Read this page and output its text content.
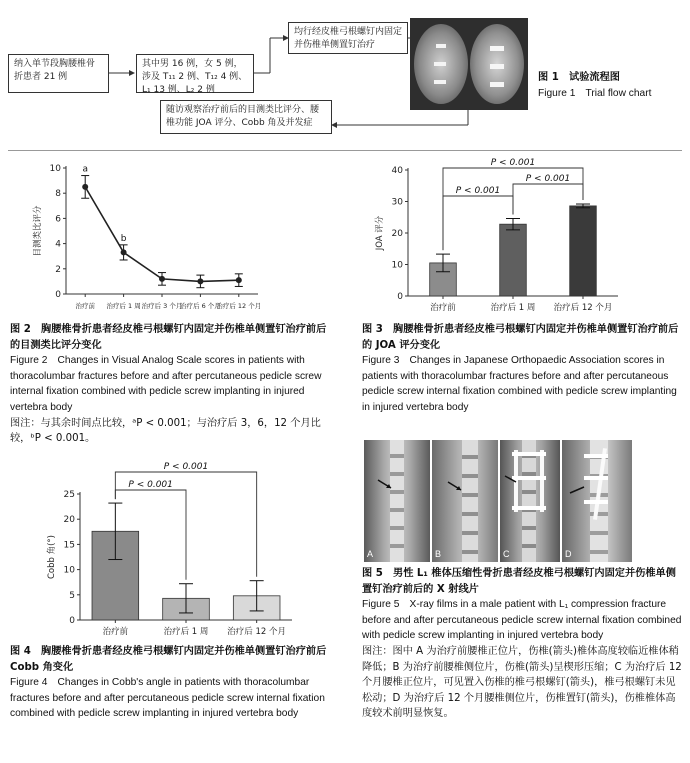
纳入单节段胸腰椎骨折患者 21 例
其中男 16 例，女 5 例，涉及 T₁₁ 2 例、T₁₂ 4 例、L₁ 13 例、L₂ 2 例
均行经皮椎弓根螺钉内固定并伤椎单侧置钉治疗
随访观察治疗前后的目测类比评分、腰椎功能 JOA 评分、Cobb 角及并发症
图 1　试验流程图
Figure 1　Trial flow chart
0
2
4
6
8
10
目测类比评分
治疗前 治疗后 1 周 治疗后 3 个月
治疗后 6 个月
治疗后 12 个月
a
b
图 2　胸腰椎骨折患者经皮椎弓根螺钉内固定并伤椎单侧置钉治疗前后的目测类比评分变化
Figure 2　Changes in Visual Analog Scale scores in patients with thoracolumbar fractures before and after percutaneous pedicle screw internal fixation combined with pedicle screw implanting in injured vertebra body
图注：与其余时间点比较，ᵃP < 0.001；与治疗后 3，6，12 个月比较，ᵇP < 0.001。
0
10
20
30
40
JOA 评分
治疗前	治疗后 1 周 治疗后 12 个月
P < 0.001
P < 0.001
P < 0.001
图 3　胸腰椎骨折患者经皮椎弓根螺钉内固定并伤椎单侧置钉治疗前后的 JOA 评分变化
Figure 3　Changes in Japanese Orthopaedic Association scores in patients with thoracolumbar fractures before and after percutaneous pedicle screw internal fixation combined with pedicle screw implanting in injured vertebra body
0
5
10
15
20
25
Cobb 角(°)
治疗前	治疗后 1 周 治疗后 12 个月
P < 0.001
P < 0.001
图 4　胸腰椎骨折患者经皮椎弓根螺钉内固定并伤椎单侧置钉治疗前后 Cobb 角变化
Figure 4　Changes in Cobb's angle in patients with thoracolumbar fractures before and after percutaneous pedicle screw internal fixation combined with pedicle screw implanting in injured vertebra body
A	B	C	D
图 5　男性 L₁ 椎体压缩性骨折患者经皮椎弓根螺钉内固定并伤椎单侧置钉治疗前后的 X 射线片
Figure 5　X-ray films in a male patient with L₁ compression fracture before and after percutaneous pedicle screw internal fixation combined with pedicle screw implanting in injured vertebra body
图注：图中 A 为治疗前腰椎正位片，伤椎(箭头)椎体高度较临近椎体稍降低；B 为治疗前腰椎侧位片，伤椎(箭头)呈楔形压缩；C 为治疗后 12 个月腰椎正位片，可见置入伤椎的椎弓根螺钉(箭头)，椎弓根螺钉未见松动；D 为治疗后 12 个月腰椎侧位片，伤椎置钉(箭头)，伤椎椎体高度较术前明显恢复。
